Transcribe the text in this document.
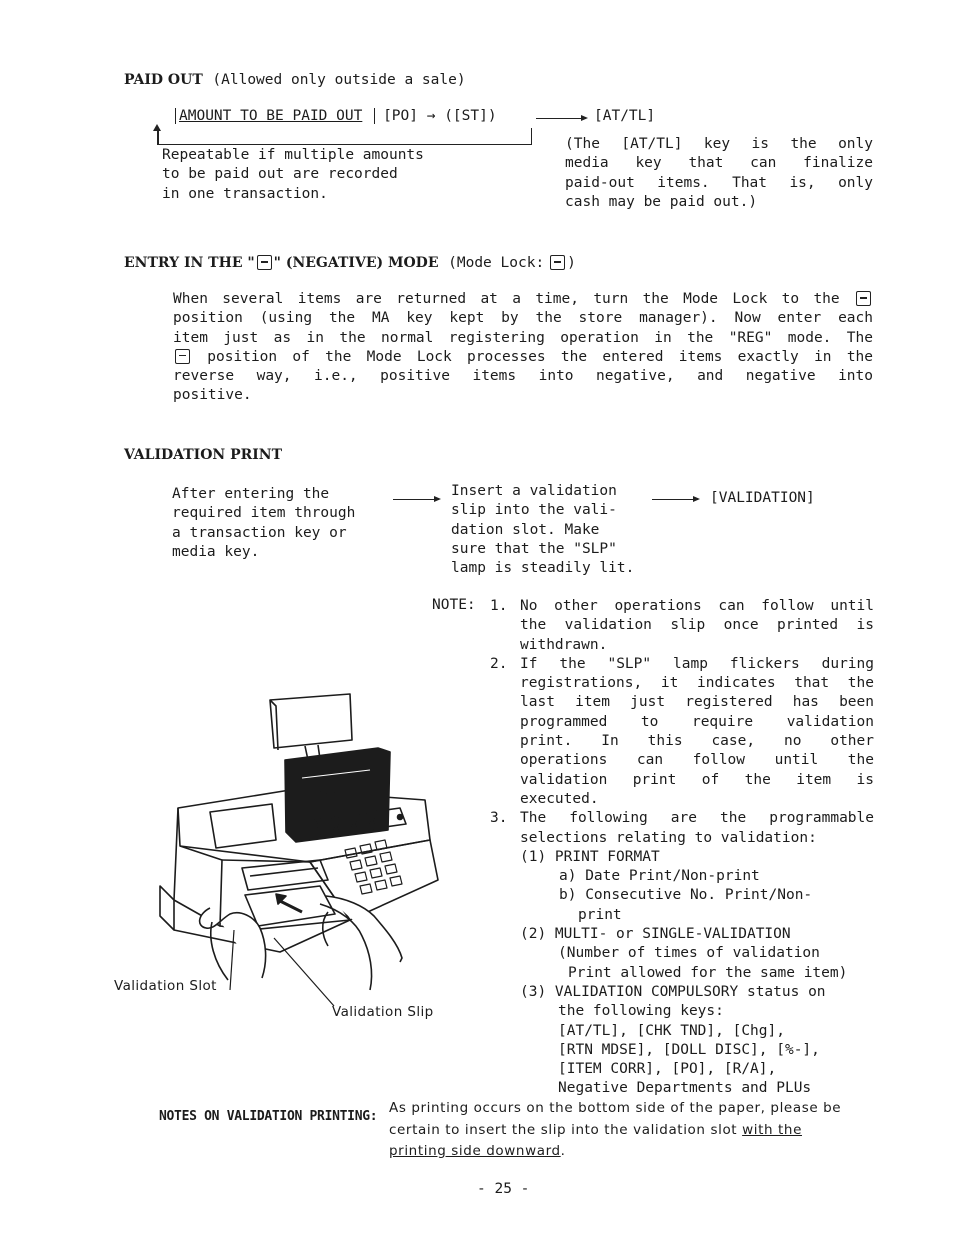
PAID OUT (Allowed only outside a sale)
AMOUNT TO BE PAID OUT [PO] → ([ST])	[AT/TL]

Repeatable if multiple amounts

to be paid out are recorded

in one transaction.

(The [AT/TL] key is the only
media key that can finalize
paid-out items. That is, only
cash may be paid out.)
ENTRY IN THE " " (NEGATIVE) MODE (Mode Lock: )
When several items are returned at a time, turn the Mode Lock to the
position (using the MA key kept by the store manager). Now enter each
item just as in the normal registering operation in the "REG" mode. The
position of the Mode Lock processes the entered items exactly in the
reverse way, i.e., positive items into negative, and negative into
positive.
VALIDATION PRINT

After entering the

required item through

a transaction key or

media key.

Insert a validation

slip into the vali-

dation slot. Make

sure that the "SLP"

lamp is steadily lit.

[VALIDATION]
NOTE: 1. No other operations can follow until
the validation slip once printed is
withdrawn.
2. If the "SLP" lamp flickers during
registrations, it indicates that the
last item just registered has been
programmed to require validation
print. In this case, no other
operations can follow until the
validation print of the item is
executed.
3. The following are the programmable
selections relating to validation:
(1) PRINT FORMAT
a) Date Print/Non-print
b) Consecutive No. Print/Non-
print
(2) MULTI- or SINGLE-VALIDATION
(Number of times of validation
Print allowed for the same item)
(3) VALIDATION COMPULSORY status on
the following keys:
[AT/TL], [CHK TND], [Chg],
[RTN MDSE], [DOLL DISC], [%-],
[ITEM CORR], [PO], [R/A],
Negative Departments and PLUs
Validation Slot
Validation Slip
NOTES ON VALIDATION PRINTING:
As printing occurs on the bottom side of the paper, please be
certain to insert the slip into the validation slot with the
printing side downward.
- 25 -
